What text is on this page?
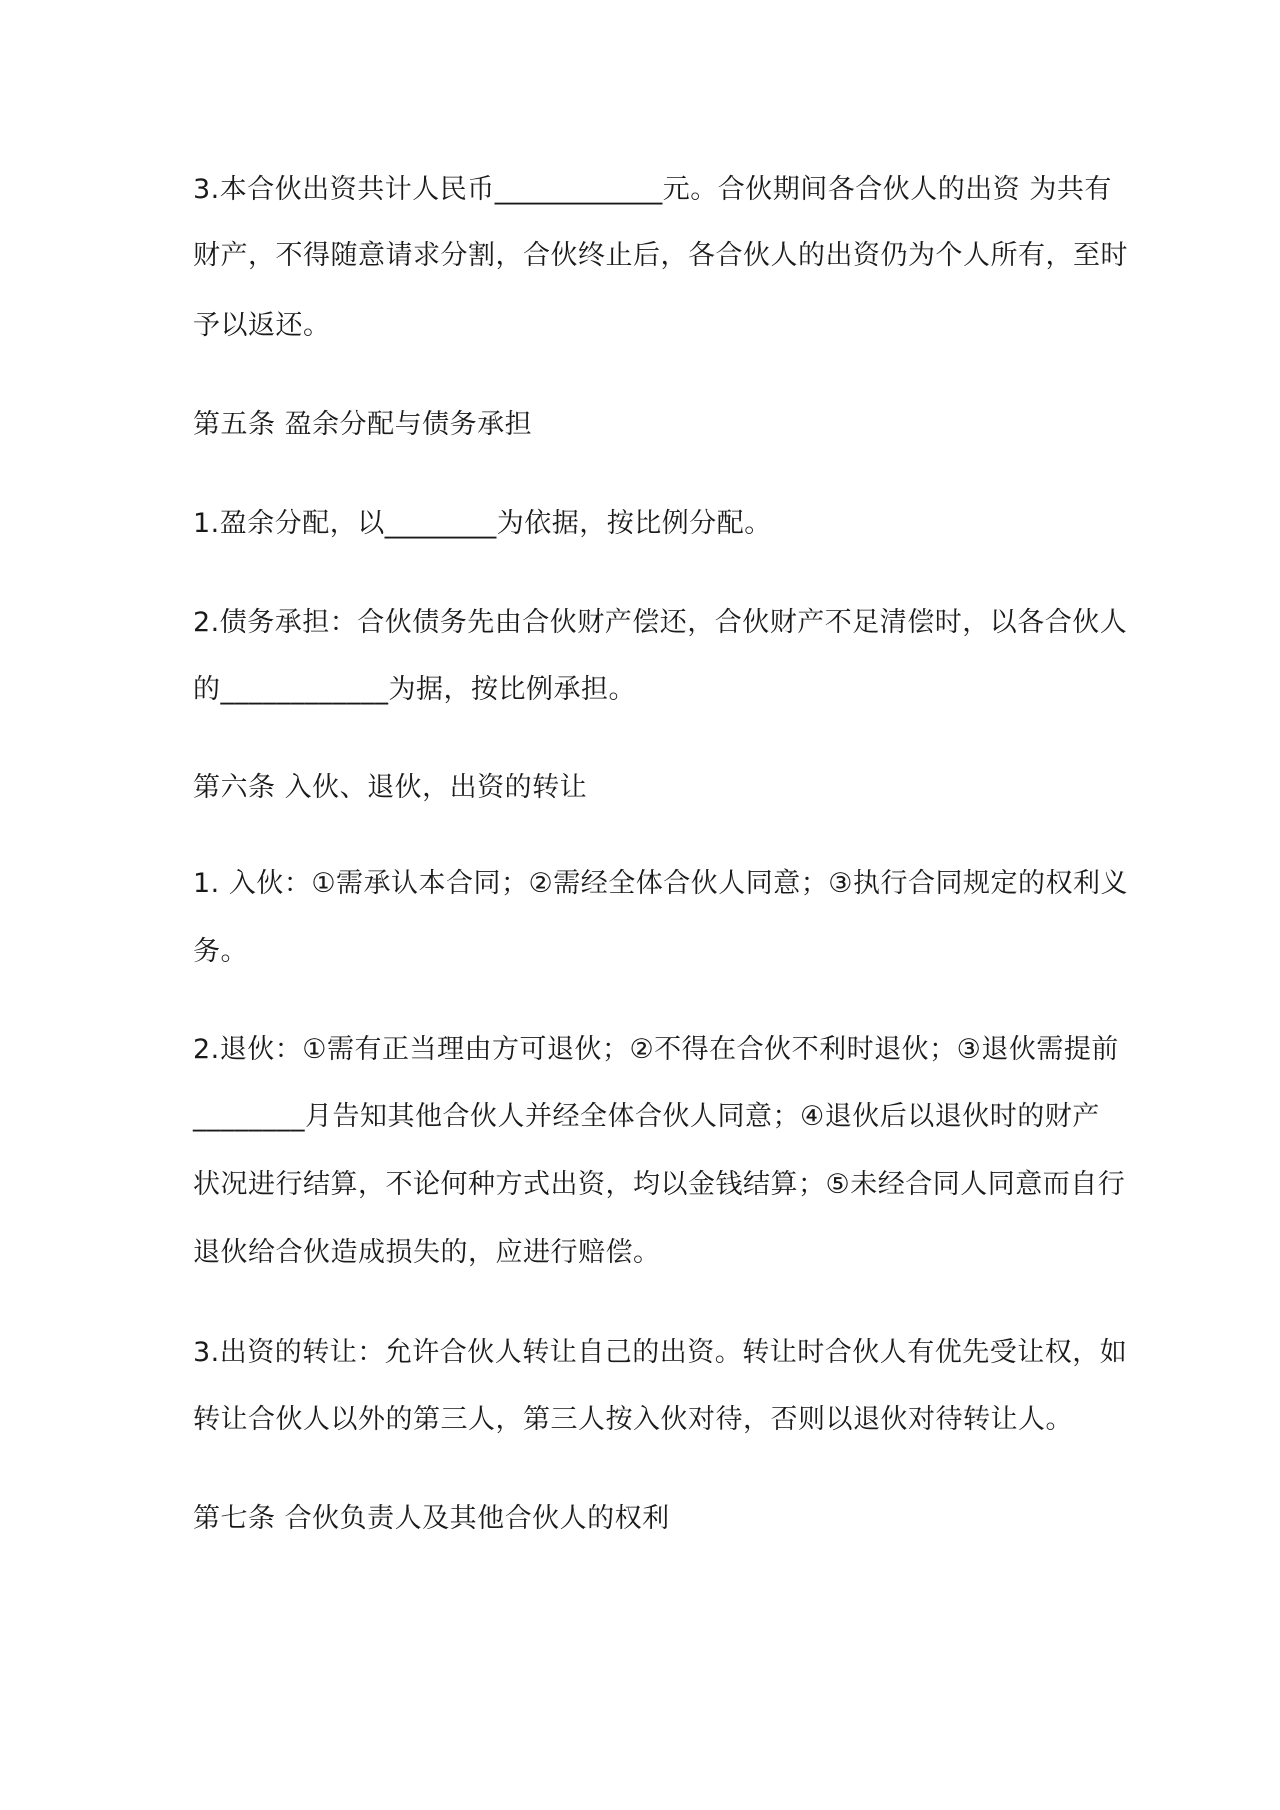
3.本合伙出资共计人民币____________元。合伙期间各合伙人的出资 为共有
财产，不得随意请求分割，合伙终止后，各合伙人的出资仍为个人所有，至时
予以返还。
第五条 盈余分配与债务承担
1.盈余分配，以________为依据，按比例分配。
2.债务承担：合伙债务先由合伙财产偿还，合伙财产不足清偿时，以各合伙人
的____________为据，按比例承担。
第六条 入伙、退伙，出资的转让
1. 入伙：①需承认本合同；②需经全体合伙人同意；③执行合同规定的权利义
务。
2.退伙：①需有正当理由方可退伙；②不得在合伙不利时退伙；③退伙需提前
________月告知其他合伙人并经全体合伙人同意；④退伙后以退伙时的财产
状况进行结算，不论何种方式出资，均以金钱结算；⑤未经合同人同意而自行
退伙给合伙造成损失的，应进行赔偿。
3.出资的转让：允许合伙人转让自己的出资。转让时合伙人有优先受让权，如
转让合伙人以外的第三人，第三人按入伙对待，否则以退伙对待转让人。
第七条 合伙负责人及其他合伙人的权利
